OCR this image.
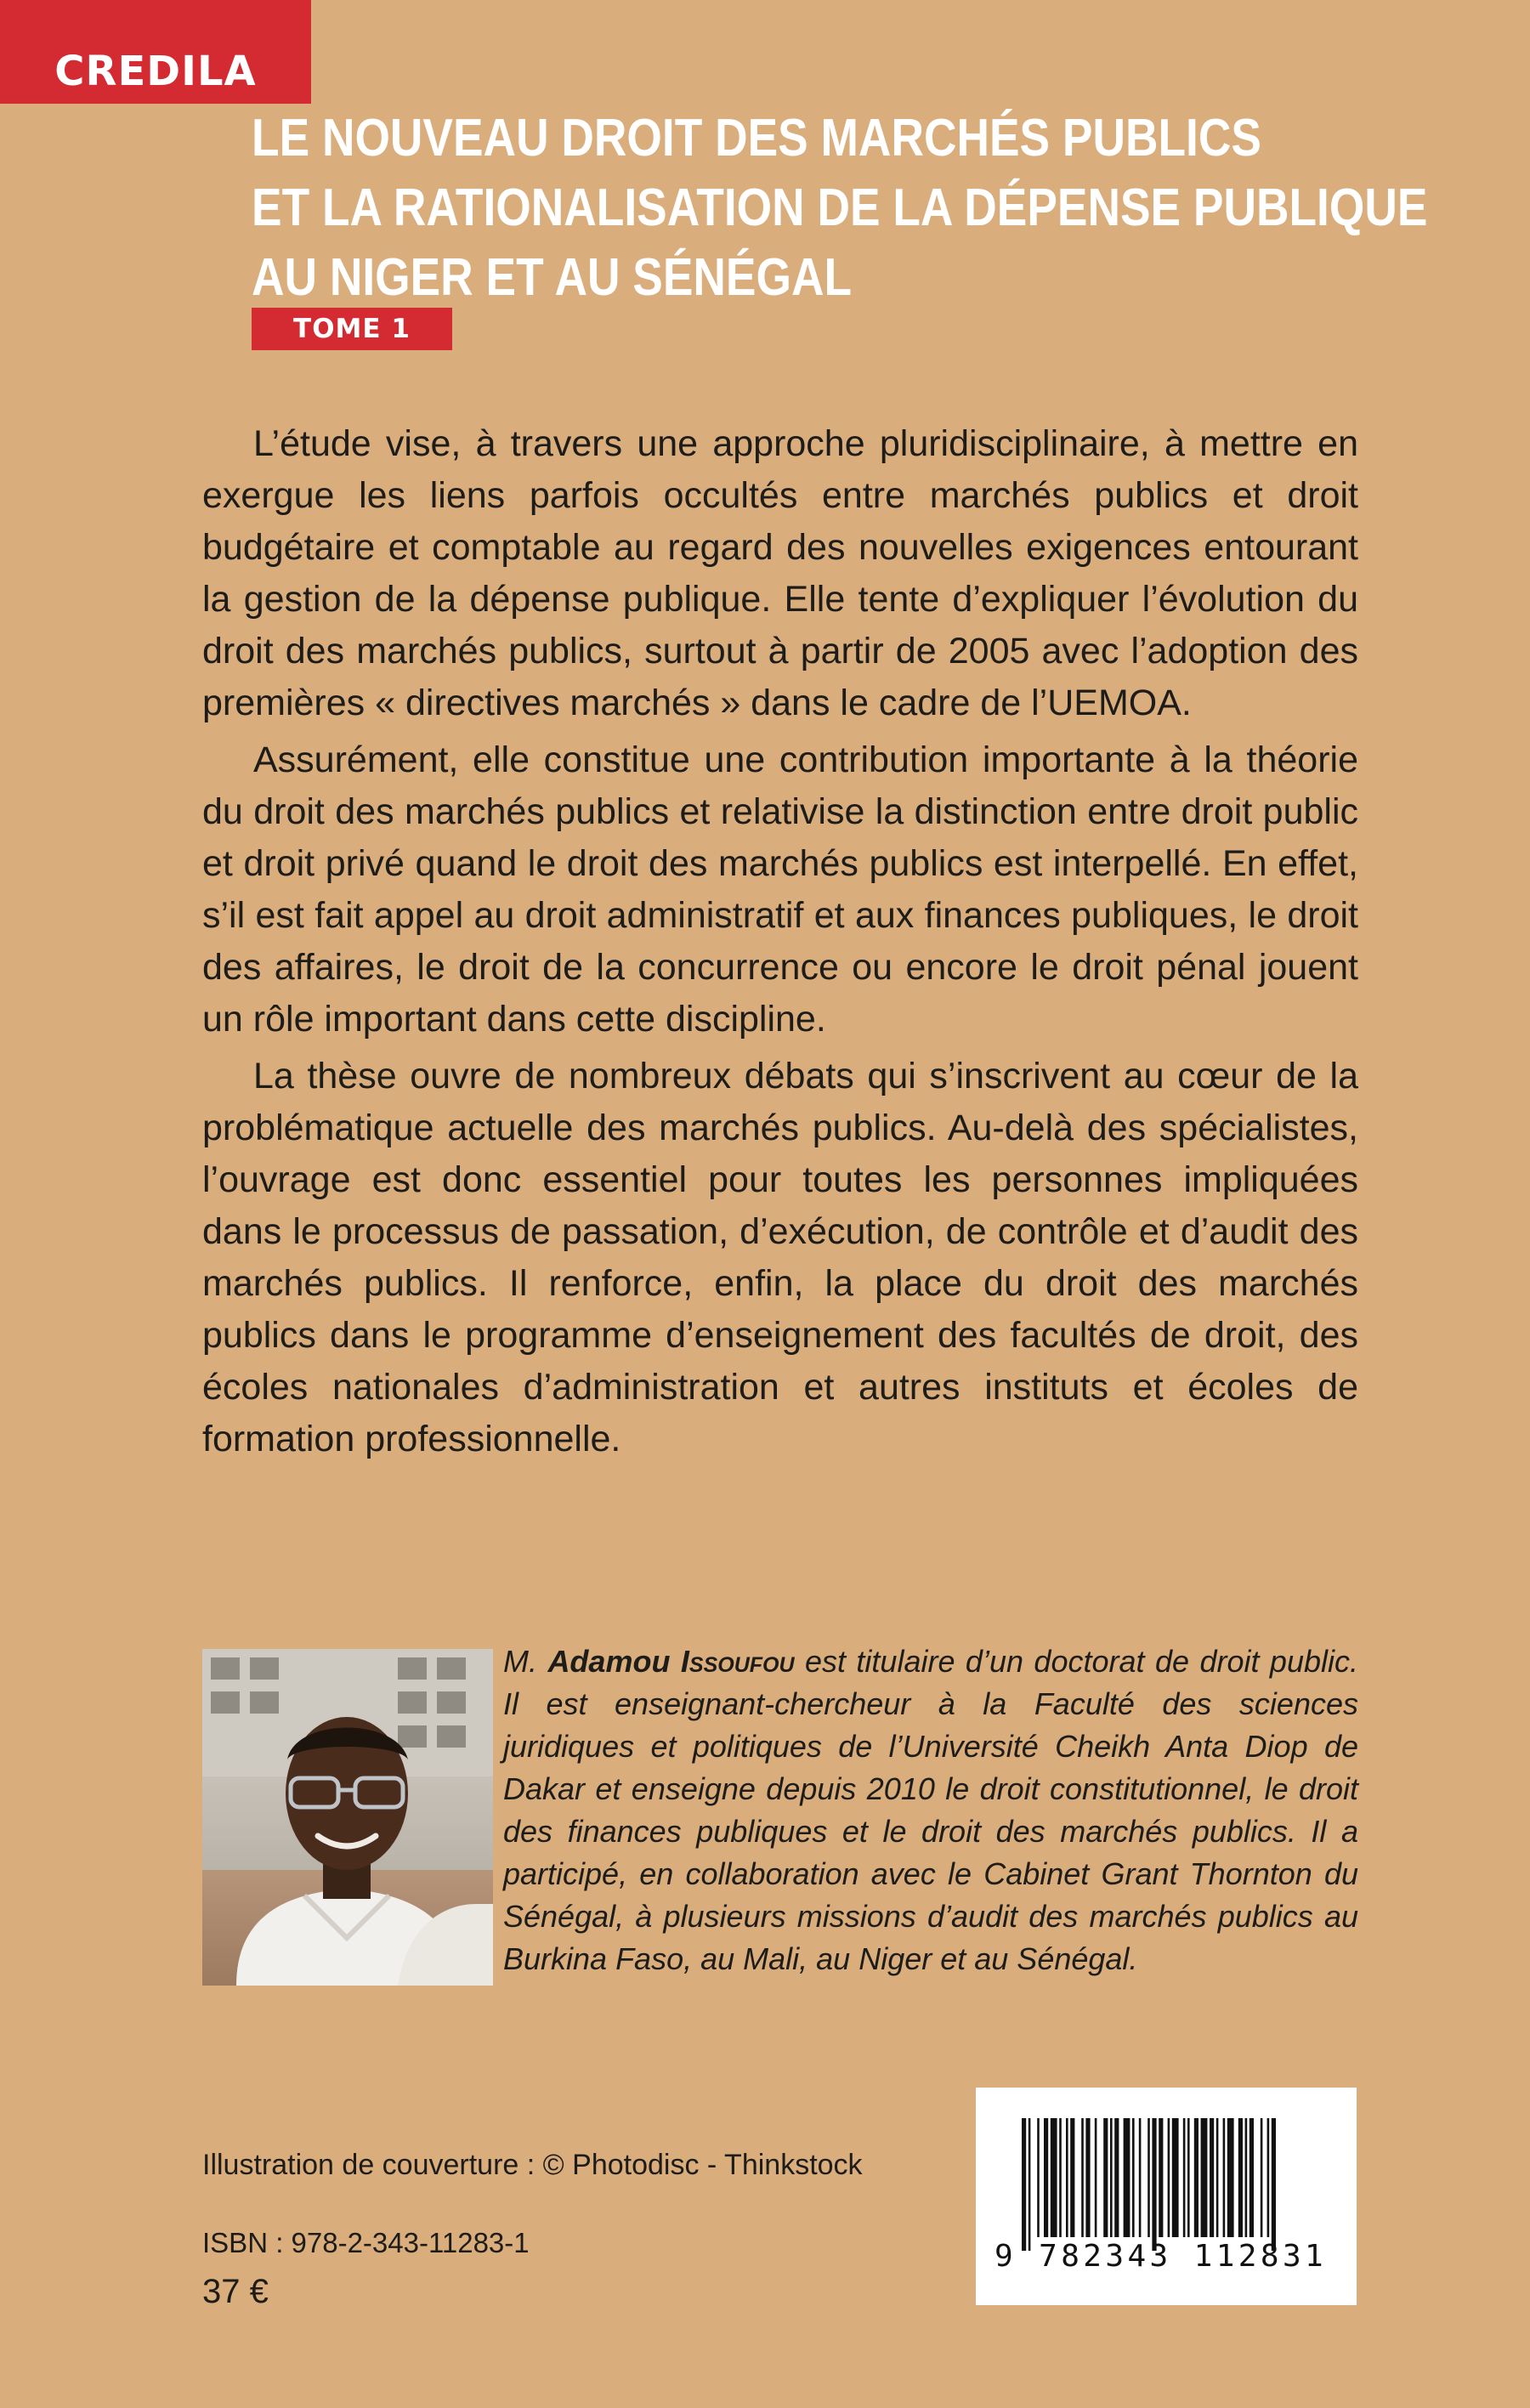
CREDILA
LE NOUVEAU DROIT DES MARCHÉS PUBLICS
ET LA RATIONALISATION DE LA DÉPENSE PUBLIQUE
AU NIGER ET AU SÉNÉGAL
TOME 1

L’étude vise, à travers une approche pluridisciplinaire, à mettre en exergue les liens parfois occultés entre marchés publics et droit budgétaire et comptable au regard des nouvelles exigences entourant la gestion de la dépense publique. Elle tente d’expliquer l’évolution du droit des marchés publics, surtout à partir de 2005 avec l’adoption des premières « directives marchés » dans le cadre de l’UEMOA.

Assurément, elle constitue une contribution importante à la théorie du droit des marchés publics et relativise la distinction entre droit public et droit privé quand le droit des marchés publics est interpellé. En effet, s’il est fait appel au droit administratif et aux finances publiques, le droit des affaires, le droit de la concurrence ou encore le droit pénal jouent un rôle important dans cette discipline.

La thèse ouvre de nombreux débats qui s’inscrivent au cœur de la problématique actuelle des marchés publics. Au-delà des spécialistes, l’ouvrage est donc essentiel pour toutes les personnes impliquées dans le processus de passation, d’exécution, de contrôle et d’audit des marchés publics. Il renforce, enfin, la place du droit des marchés publics dans le programme d’enseignement des facultés de droit, des écoles nationales d’administration et autres instituts et écoles de formation professionnelle.

M. Adamou Issoufou est titulaire d’un doctorat de droit public. Il est enseignant-chercheur à la Faculté des sciences juridiques et politiques de l’Université Cheikh Anta Diop de Dakar et enseigne depuis 2010 le droit constitutionnel, le droit des finances publiques et le droit des marchés publics. Il a participé, en collaboration avec le Cabinet Grant Thornton du Sénégal, à plusieurs missions d’audit des marchés publics au Burkina Faso, au Mali, au Niger et au Sénégal.

Illustration de couverture : © Photodisc - Thinkstock
ISBN : 978-2-343-11283-1
37 €
9 782343 112831
